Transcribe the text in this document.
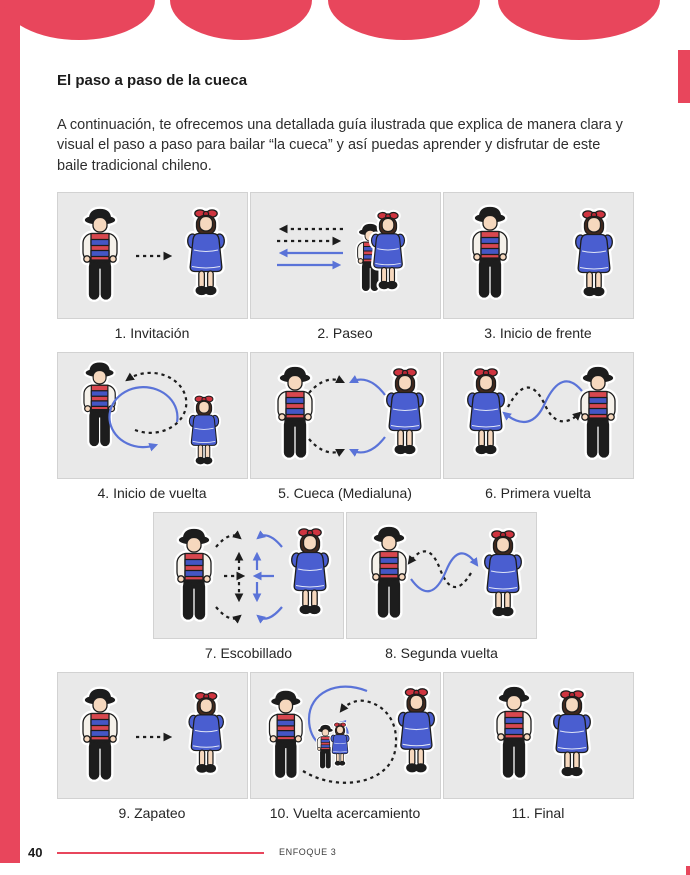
El paso a paso de la cueca

A continuación, te ofrecemos una detallada guía ilustrada que explica de manera clara y visual el paso a paso para bailar “la cueca” y así puedas aprender y disfrutar de este baile tradicional chileno.

1. Invitación	2. Paseo	3. Inicio de frente
4. Inicio de vuelta	5. Cueca (Medialuna)	6. Primera vuelta
7. Escobillado	8. Segunda vuelta
9. Zapateo	10. Vuelta acercamiento	11. Final
40	ENFOQUE 3
